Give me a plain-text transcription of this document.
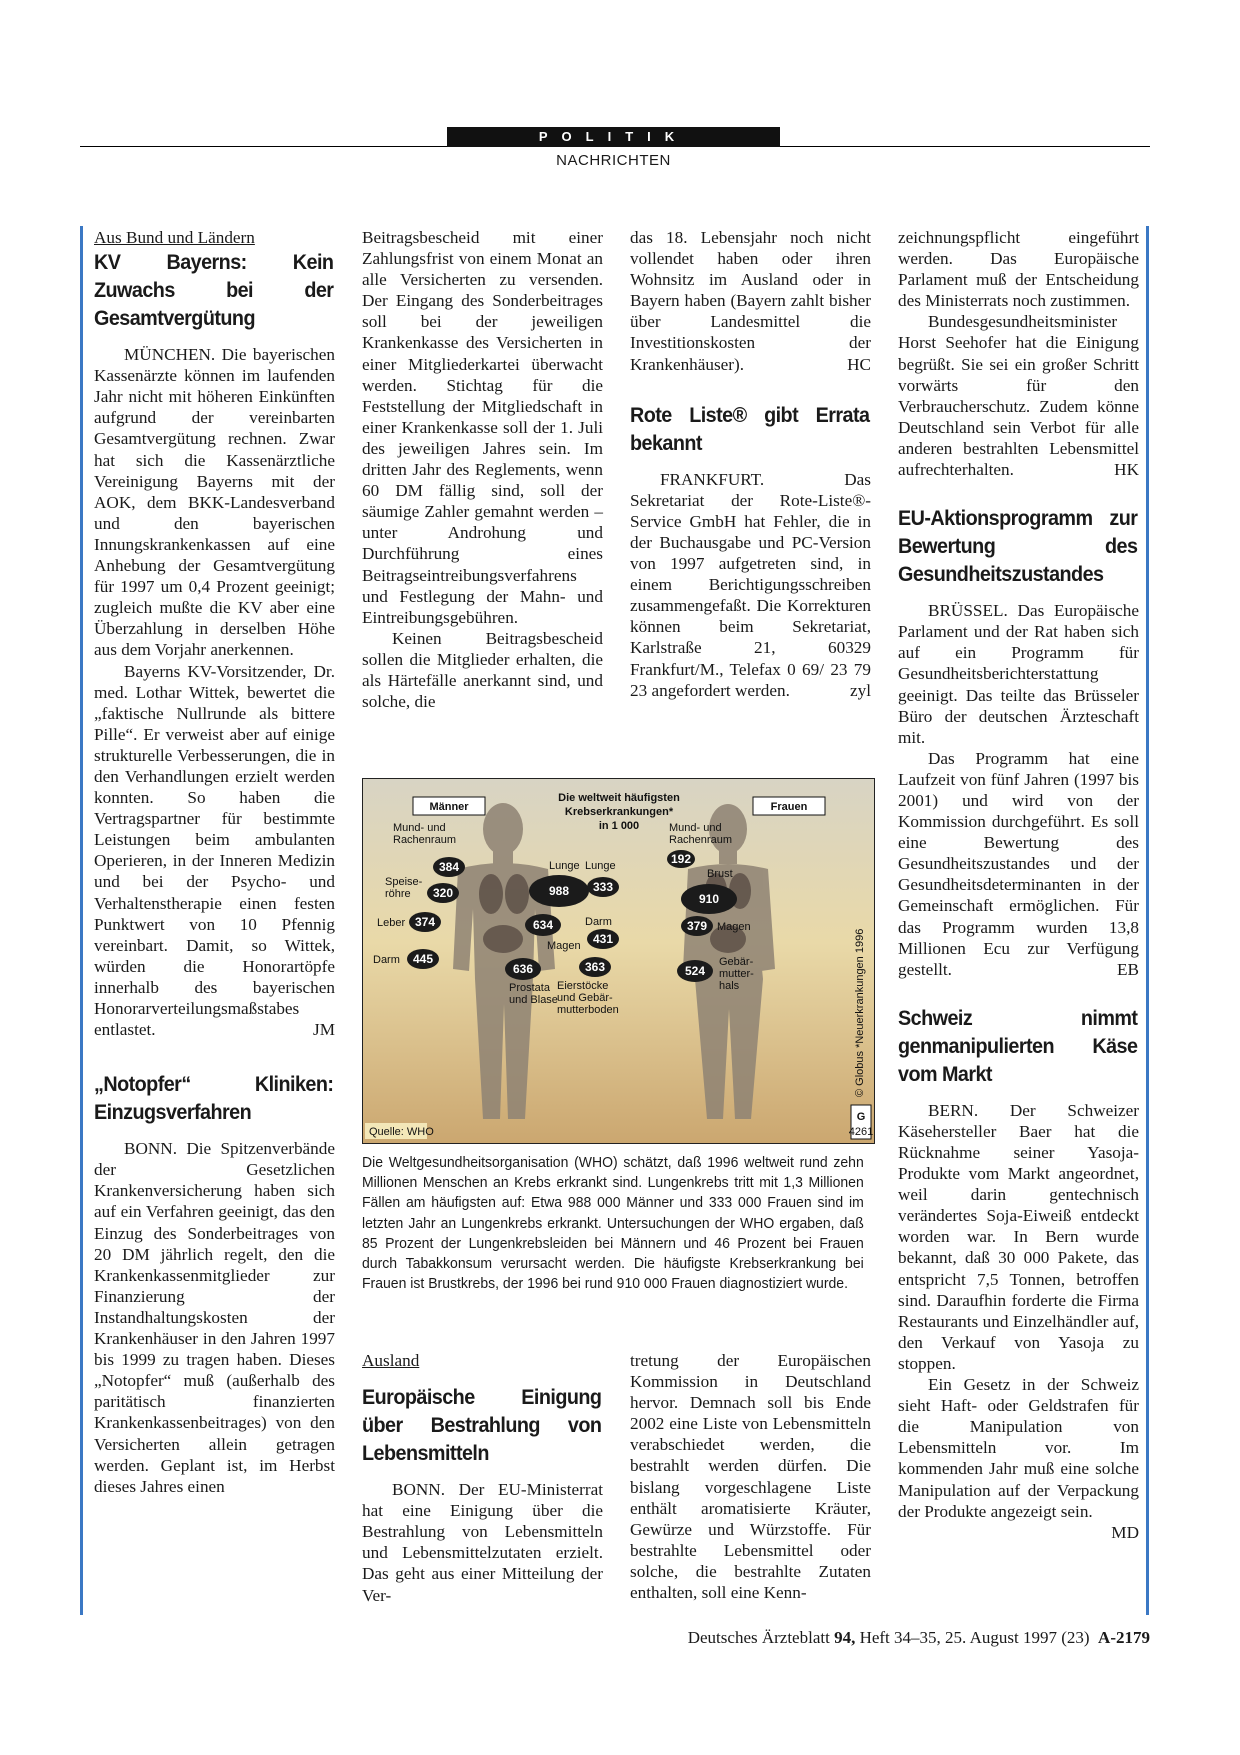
POLITIK
NACHRICHTEN

Aus Bund und Ländern

KV Bayerns: Kein Zuwachs bei der Gesamtvergütung

MÜNCHEN. Die bayerischen Kassenärzte können im laufenden Jahr nicht mit höheren Einkünften aufgrund der vereinbarten Gesamtvergütung rechnen. Zwar hat sich die Kassenärztliche Vereinigung Bayerns mit der AOK, dem BKK-Landesverband und den bayerischen Innungskrankenkassen auf eine Anhebung der Gesamtvergütung für 1997 um 0,4 Prozent geeinigt; zugleich mußte die KV aber eine Überzahlung in derselben Höhe aus dem Vorjahr anerkennen.

Bayerns KV-Vorsitzender, Dr. med. Lothar Wittek, bewertet die „faktische Nullrunde als bittere Pille“. Er verweist aber auf einige strukturelle Verbesserungen, die in den Verhandlungen erzielt werden konnten. So haben die Vertragspartner für bestimmte Leistungen beim ambulanten Operieren, in der Inneren Medizin und bei der Psycho- und Verhaltenstherapie einen festen Punktwert von 10 Pfennig vereinbart. Damit, so Wittek, würden die Honorartöpfe innerhalb des bayerischen Honorarverteilungsmaßstabes entlastet.	JM

„Notopfer“ Kliniken: Einzugsverfahren

BONN. Die Spitzenverbände der Gesetzlichen Krankenversicherung haben sich auf ein Verfahren geeinigt, das den Einzug des Sonderbeitrages von 20 DM jährlich regelt, den die Krankenkassenmitglieder zur Finanzierung der Instandhaltungskosten der Krankenhäuser in den Jahren 1997 bis 1999 zu tragen haben. Dieses „Notopfer“ muß (außerhalb des paritätisch finanzierten Krankenkassenbeitrages) von den Versicherten allein getragen werden. Geplant ist, im Herbst dieses Jahres einen

Beitragsbescheid mit einer Zahlungsfrist von einem Monat an alle Versicherten zu versenden. Der Eingang des Sonderbeitrages soll bei der jeweiligen Krankenkasse des Versicherten in einer Mitgliederkartei überwacht werden. Stichtag für die Feststellung der Mitgliedschaft in einer Krankenkasse soll der 1. Juli des jeweiligen Jahres sein. Im dritten Jahr des Reglements, wenn 60 DM fällig sind, soll der säumige Zahler gemahnt werden – unter Androhung und Durchführung eines Beitragseintreibungsverfahrens und Festlegung der Mahn- und Eintreibungsgebühren.

Keinen Beitragsbescheid sollen die Mitglieder erhalten, die als Härtefälle anerkannt sind, und solche, die

das 18. Lebensjahr noch nicht vollendet haben oder ihren Wohnsitz im Ausland oder in Bayern haben (Bayern zahlt bisher über Landesmittel die Investitionskosten der Krankenhäuser).	HC

Rote Liste® gibt Errata bekannt

FRANKFURT. Das Sekretariat der Rote-Liste®-Service GmbH hat Fehler, die in der Buchausgabe und PC-Version von 1997 aufgetreten sind, in einem Berichtigungsschreiben zusammengefaßt. Die Korrekturen können beim Sekretariat, Karlstraße 21, 60329 Frankfurt/M., Telefax 0 69/ 23 79 23 angefordert werden.	zyl

zeichnungspflicht eingeführt werden. Das Europäische Parlament muß der Entscheidung des Ministerrats noch zustimmen.

Bundesgesundheitsminister Horst Seehofer hat die Einigung begrüßt. Sie sei ein großer Schritt vorwärts für den Verbraucherschutz. Zudem könne Deutschland sein Verbot für alle anderen bestrahlten Lebensmittel aufrechterhalten.	HK

EU-Aktionsprogramm zur Bewertung des Gesundheitszustandes

BRÜSSEL. Das Europäische Parlament und der Rat haben sich auf ein Programm für Gesundheitsberichterstattung geeinigt. Das teilte das Brüsseler Büro der deutschen Ärzteschaft mit.

Das Programm hat eine Laufzeit von fünf Jahren (1997 bis 2001) und wird von der Kommission durchgeführt. Es soll eine Bewertung des Gesundheitszustandes und der Gesundheitsdeterminanten in der Gemeinschaft ermöglichen. Für das Programm wurden 13,8 Millionen Ecu zur Verfügung gestellt.	EB

Schweiz nimmt genmanipulierten Käse vom Markt

BERN. Der Schweizer Käsehersteller Baer hat die Rücknahme seiner Yasoja-Produkte vom Markt angeordnet, weil darin gentechnisch verändertes Soja-Eiweiß entdeckt worden war. In Bern wurde bekannt, daß 30 000 Pakete, das entspricht 7,5 Tonnen, betroffen sind. Daraufhin forderte die Firma Restaurants und Einzelhändler auf, den Verkauf von Yasoja zu stoppen.

Ein Gesetz in der Schweiz sieht Haft- oder Geldstrafen für die Manipulation von Lebensmitteln vor. Im kommenden Jahr muß eine solche Manipulation auf der Verpackung der Produkte angezeigt sein.
MD

Männer	Frauen
Die weltweit häufigsten
Krebserkrankungen*
in 1 000
Mund- und
Rachenraum
384
Speise-
röhre 320
Leber 374
Darm 445
Lunge
988
634
Magen
636
Prostata
und Blase
Mund- und
Rachenraum
192
Brust
910
379 Magen
524
Gebär-
mutter-
hals
Lunge
333
Darm
431
363
Eierstöcke
und Gebär-
mutterboden
Quelle: WHO
G
4261
© Globus *Neuerkrankungen 1996
Die Weltgesundheitsorganisation (WHO) schätzt, daß 1996 weltweit rund zehn Millionen Menschen an Krebs erkrankt sind. Lungenkrebs tritt mit 1,3 Millionen Fällen am häufigsten auf: Etwa 988 000 Männer und 333 000 Frauen sind im letzten Jahr an Lungenkrebs erkrankt. Untersuchungen der WHO ergaben, daß 85 Prozent der Lungenkrebsleiden bei Männern und 46 Prozent bei Frauen durch Tabakkonsum verursacht werden. Die häufigste Krebserkrankung bei Frauen ist Brustkrebs, der 1996 bei rund 910 000 Frauen diagnostiziert wurde.

Ausland

Europäische Einigung über Bestrahlung von Lebensmitteln

BONN. Der EU-Ministerrat hat eine Einigung über die Bestrahlung von Lebensmitteln und Lebensmittelzutaten erzielt. Das geht aus einer Mitteilung der Ver-

tretung der Europäischen Kommission in Deutschland hervor. Demnach soll bis Ende 2002 eine Liste von Lebensmitteln verabschiedet werden, die bestrahlt werden dürfen. Die bislang vorgeschlagene Liste enthält aromatisierte Kräuter, Gewürze und Würzstoffe. Für bestrahlte Lebensmittel oder solche, die bestrahlte Zutaten enthalten, soll eine Kenn-

Deutsches Ärzteblatt 94, Heft 34–35, 25. August 1997 (23) A-2179
